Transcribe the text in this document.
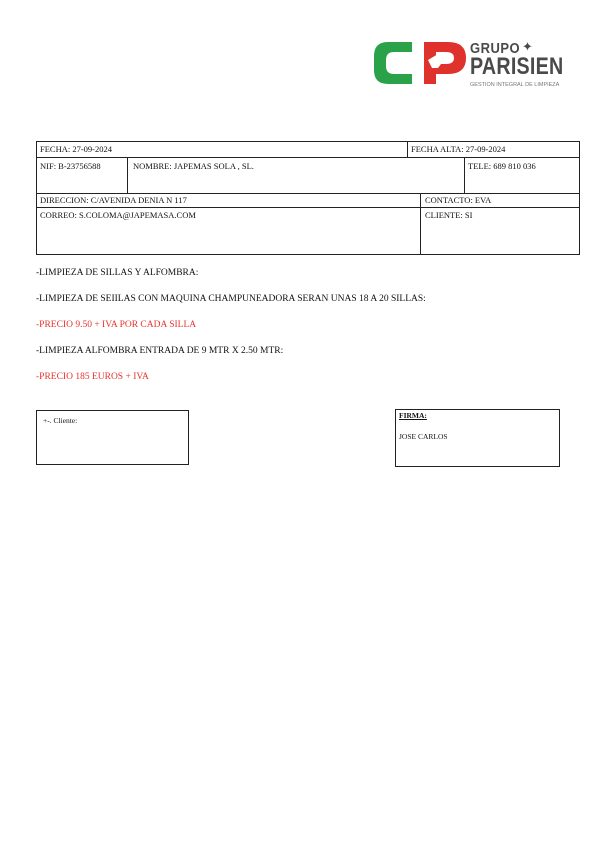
GRUPO ✦
PARISIEN
GESTION INTEGRAL DE LIMPIEZA
FECHA: 27-09-2024	FECHA ALTA: 27-09-2024
NIF: B-23756588	NOMBRE: JAPEMAS SOLA , SL.	TELE: 689 810 036
DIRECCION: C/AVENIDA DENIA N 117	CONTACTO: EVA
CORREO: S.COLOMA@JAPEMASA.COM	CLIENTE: SI
-LIMPIEZA DE SILLAS Y ALFOMBRA:
-LIMPIEZA DE SEIILAS CON MAQUINA CHAMPUNEADORA SERAN UNAS 18 A 20 SILLAS:
-PRECIO 9.50 + IVA POR CADA SILLA
-LIMPIEZA ALFOMBRA ENTRADA DE 9 MTR X 2.50 MTR:
-PRECIO 185 EUROS + IVA
+-. Cliente:
FIRMA:
JOSE CARLOS
